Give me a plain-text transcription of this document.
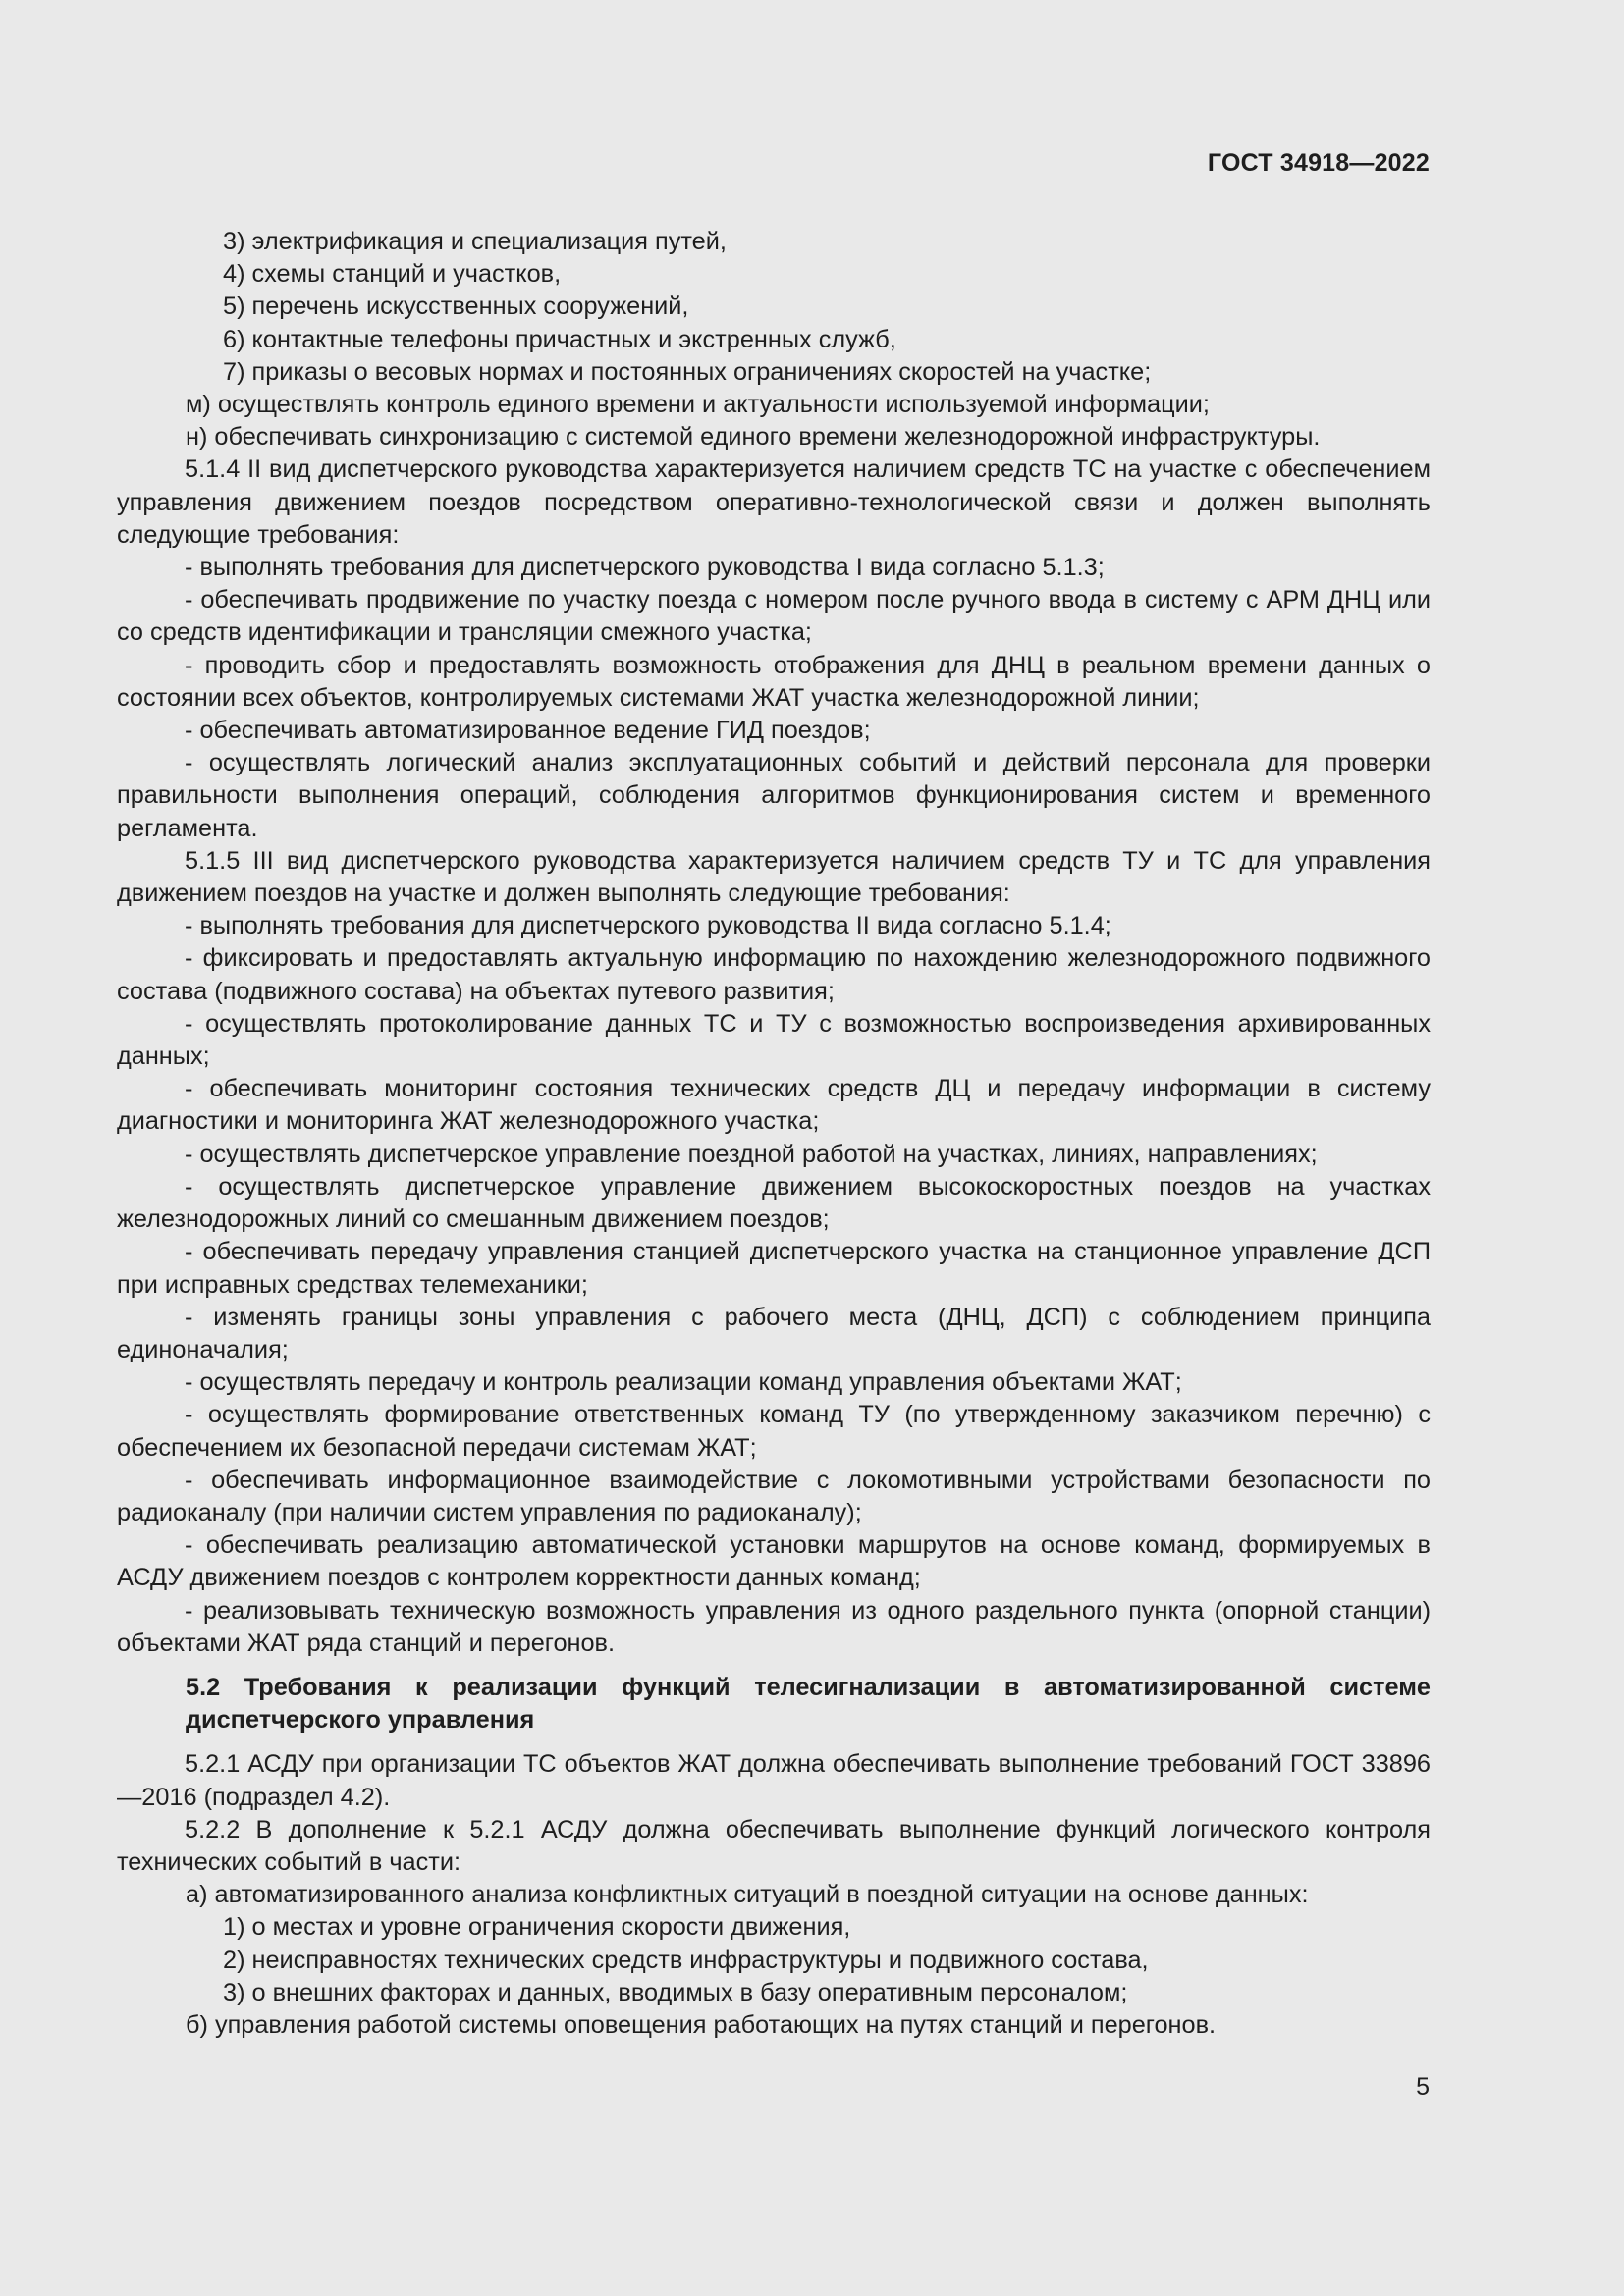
ГОСТ 34918—2022

3) электрификация и специализация путей,

4) схемы станций и участков,

5) перечень искусственных сооружений,

6) контактные телефоны причастных и экстренных служб,

7) приказы о весовых нормах и постоянных ограничениях скоростей на участке;

м) осуществлять контроль единого времени и актуальности используемой информации;

н) обеспечивать синхронизацию с системой единого времени железнодорожной инфраструктуры.

5.1.4 II вид диспетчерского руководства характеризуется наличием средств ТС на участке с обеспечением управления движением поездов посредством оперативно-технологической связи и должен выполнять следующие требования:

- выполнять требования для диспетчерского руководства I вида согласно 5.1.3;

- обеспечивать продвижение по участку поезда с номером после ручного ввода в систему с АРМ ДНЦ или со средств идентификации и трансляции смежного участка;

- проводить сбор и предоставлять возможность отображения для ДНЦ в реальном времени данных о состоянии всех объектов, контролируемых системами ЖАТ участка железнодорожной линии;

- обеспечивать автоматизированное ведение ГИД поездов;

- осуществлять логический анализ эксплуатационных событий и действий персонала для проверки правильности выполнения операций, соблюдения алгоритмов функционирования систем и временного регламента.

5.1.5 III вид диспетчерского руководства характеризуется наличием средств ТУ и ТС для управления движением поездов на участке и должен выполнять следующие требования:

- выполнять требования для диспетчерского руководства II вида согласно 5.1.4;

- фиксировать и предоставлять актуальную информацию по нахождению железнодорожного подвижного состава (подвижного состава) на объектах путевого развития;

- осуществлять протоколирование данных ТС и ТУ с возможностью воспроизведения архивированных данных;

- обеспечивать мониторинг состояния технических средств ДЦ и передачу информации в систему диагностики и мониторинга ЖАТ железнодорожного участка;

- осуществлять диспетчерское управление поездной работой на участках, линиях, направлениях;

- осуществлять диспетчерское управление движением высокоскоростных поездов на участках железнодорожных линий со смешанным движением поездов;

- обеспечивать передачу управления станцией диспетчерского участка на станционное управление ДСП при исправных средствах телемеханики;

- изменять границы зоны управления с рабочего места (ДНЦ, ДСП) с соблюдением принципа единоначалия;

- осуществлять передачу и контроль реализации команд управления объектами ЖАТ;

- осуществлять формирование ответственных команд ТУ (по утвержденному заказчиком перечню) с обеспечением их безопасной передачи системам ЖАТ;

- обеспечивать информационное взаимодействие с локомотивными устройствами безопасности по радиоканалу (при наличии систем управления по радиоканалу);

- обеспечивать реализацию автоматической установки маршрутов на основе команд, формируемых в АСДУ движением поездов с контролем корректности данных команд;

- реализовывать техническую возможность управления из одного раздельного пункта (опорной станции) объектами ЖАТ ряда станций и перегонов.

5.2 Требования к реализации функций телесигнализации в автоматизированной системе диспетчерского управления

5.2.1 АСДУ при организации ТС объектов ЖАТ должна обеспечивать выполнение требований ГОСТ 33896—2016 (подраздел 4.2).

5.2.2 В дополнение к 5.2.1 АСДУ должна обеспечивать выполнение функций логического контроля технических событий в части:

а) автоматизированного анализа конфликтных ситуаций в поездной ситуации на основе данных:

1) о местах и уровне ограничения скорости движения,

2) неисправностях технических средств инфраструктуры и подвижного состава,

3) о внешних факторах и данных, вводимых в базу оперативным персоналом;

б) управления работой системы оповещения работающих на путях станций и перегонов.

5
